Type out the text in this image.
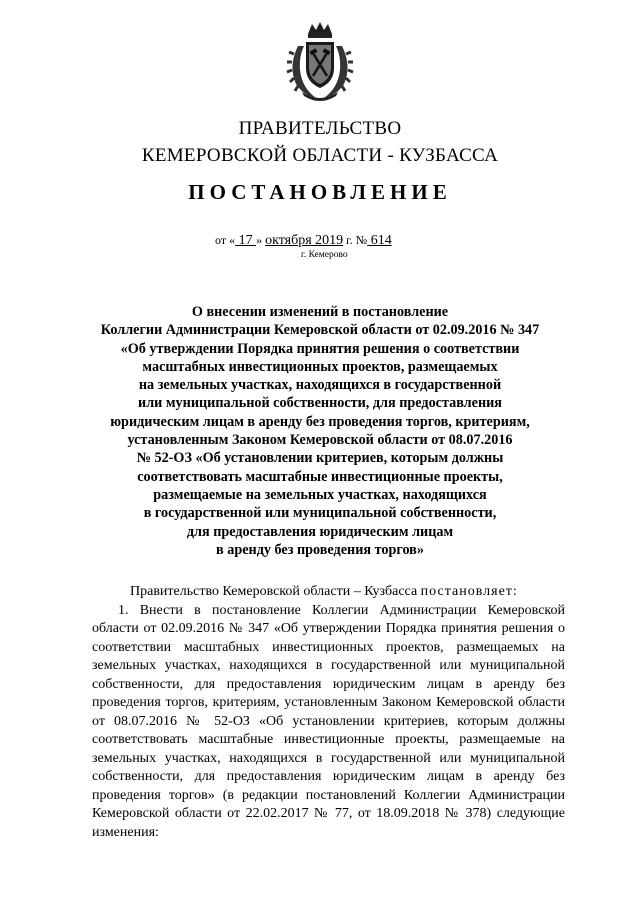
ПРАВИТЕЛЬСТВО
КЕМЕРОВСКОЙ ОБЛАСТИ - КУЗБАССА
ПОСТАНОВЛЕНИЕ
от « 17 » октября 2019 г. № 614
г. Кемерово
О внесении изменений в постановление
Коллегии Администрации Кемеровской области от 02.09.2016 № 347
«Об утверждении Порядка принятия решения о соответствии
масштабных инвестиционных проектов, размещаемых
на земельных участках, находящихся в государственной
или муниципальной собственности, для предоставления
юридическим лицам в аренду без проведения торгов, критериям,
установленным Законом Кемеровской области от 08.07.2016
№ 52-ОЗ «Об установлении критериев, которым должны
соответствовать масштабные инвестиционные проекты,
размещаемые на земельных участках, находящихся
в государственной или муниципальной собственности,
для предоставления юридическим лицам
в аренду без проведения торгов»
Правительство Кемеровской области – Кузбасса постановляет:
1. Внести в постановление Коллегии Администрации Кемеровской области от 02.09.2016 № 347 «Об утверждении Порядка принятия решения о соответствии масштабных инвестиционных проектов, размещаемых на земельных участках, находящихся в государственной или муниципальной собственности, для предоставления юридическим лицам в аренду без проведения торгов, критериям, установленным Законом Кемеровской области от 08.07.2016 № 52-ОЗ «Об установлении критериев, которым должны соответствовать масштабные инвестиционные проекты, размещаемые на земельных участках, находящихся в государственной или муниципальной собственности, для предоставления юридическим лицам в аренду без проведения торгов» (в редакции постановлений Коллегии Администрации Кемеровской области от 22.02.2017 № 77, от 18.09.2018 № 378) следующие изменения:
